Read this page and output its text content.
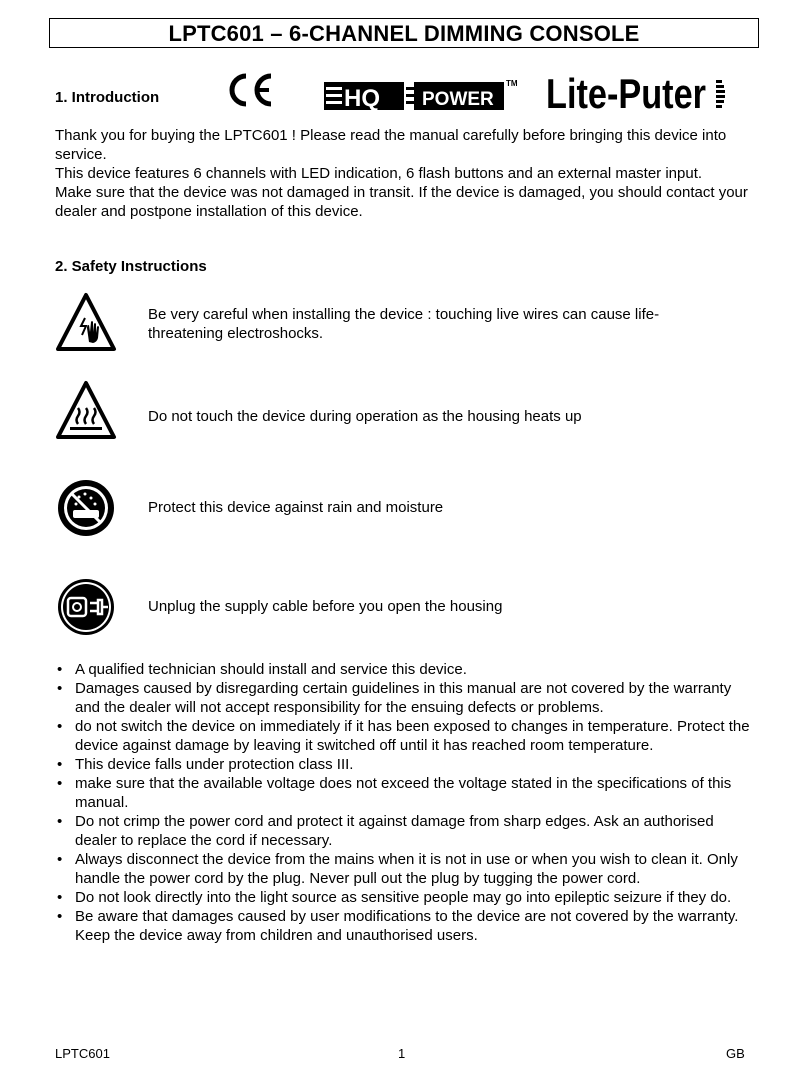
LPTC601 – 6-CHANNEL DIMMING CONSOLE
1. Introduction	HQ POWER
TM Lite-Puter

Thank you for buying the LPTC601 ! Please read the manual carefully before bringing this device into service.

This device features 6 channels with LED indication, 6 flash buttons and an external master input.

Make sure that the device was not damaged in transit. If the device is damaged, you should contact your dealer and postpone installation of this device.

2. Safety Instructions
Be very careful when installing the device : touching live wires can cause life-threatening electroshocks.
Do not touch the device during operation as the housing heats up
Protect this device against rain and moisture
Unplug the supply cable before you open the housing
• A qualified technician should install and service this device.
• Damages caused by disregarding certain guidelines in this manual are not covered by the warranty and the dealer will not accept responsibility for the ensuing defects or problems.
• do not switch the device on immediately if it has been exposed to changes in temperature. Protect the device against damage by leaving it switched off until it has reached room temperature.
• This device falls under protection class III.
• make sure that the available voltage does not exceed the voltage stated in the specifications of this manual.
• Do not crimp the power cord and protect it against damage from sharp edges. Ask an authorised dealer to replace the cord if necessary.
• Always disconnect the device from the mains when it is not in use or when you wish to clean it. Only handle the power cord by the plug. Never pull out the plug by tugging the power cord.
• Do not look directly into the light source as sensitive people may go into epileptic seizure if they do.
• Be aware that damages caused by user modifications to the device are not covered by the warranty. Keep the device away from children and unauthorised users.
LPTC601	1	GB
